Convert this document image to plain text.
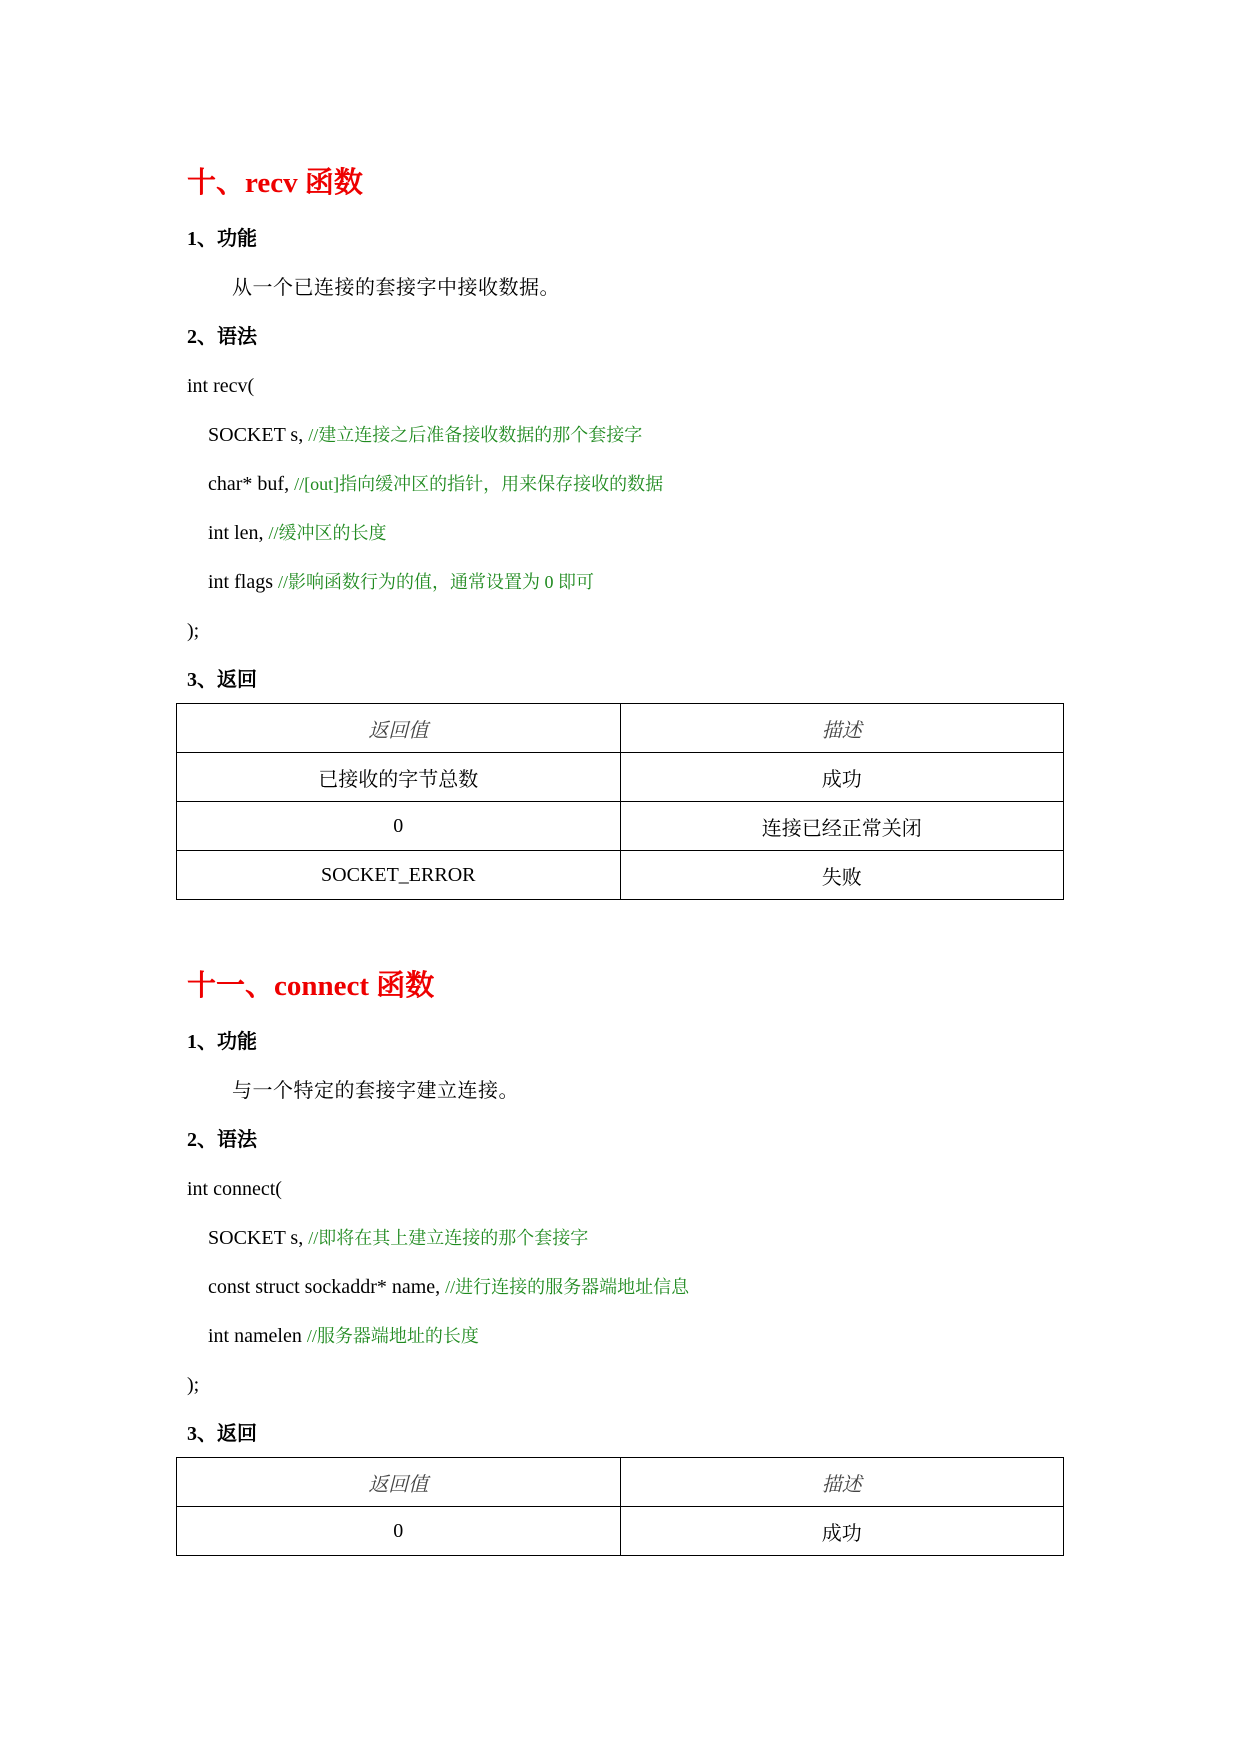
十、recv 函数
1、功能
从一个已连接的套接字中接收数据。
2、语法
int recv(
SOCKET s, //建立连接之后准备接收数据的那个套接字
char* buf, //[out]指向缓冲区的指针，用来保存接收的数据
int len, //缓冲区的长度
int flags //影响函数行为的值，通常设置为 0 即可
);
3、返回
返回值	描述
已接收的字节总数	成功
0	连接已经正常关闭
SOCKET_ERROR	失败
十一、connect 函数
1、功能
与一个特定的套接字建立连接。
2、语法
int connect(
SOCKET s, //即将在其上建立连接的那个套接字
const struct sockaddr* name, //进行连接的服务器端地址信息
int namelen //服务器端地址的长度
);
3、返回
返回值	描述
0	成功
